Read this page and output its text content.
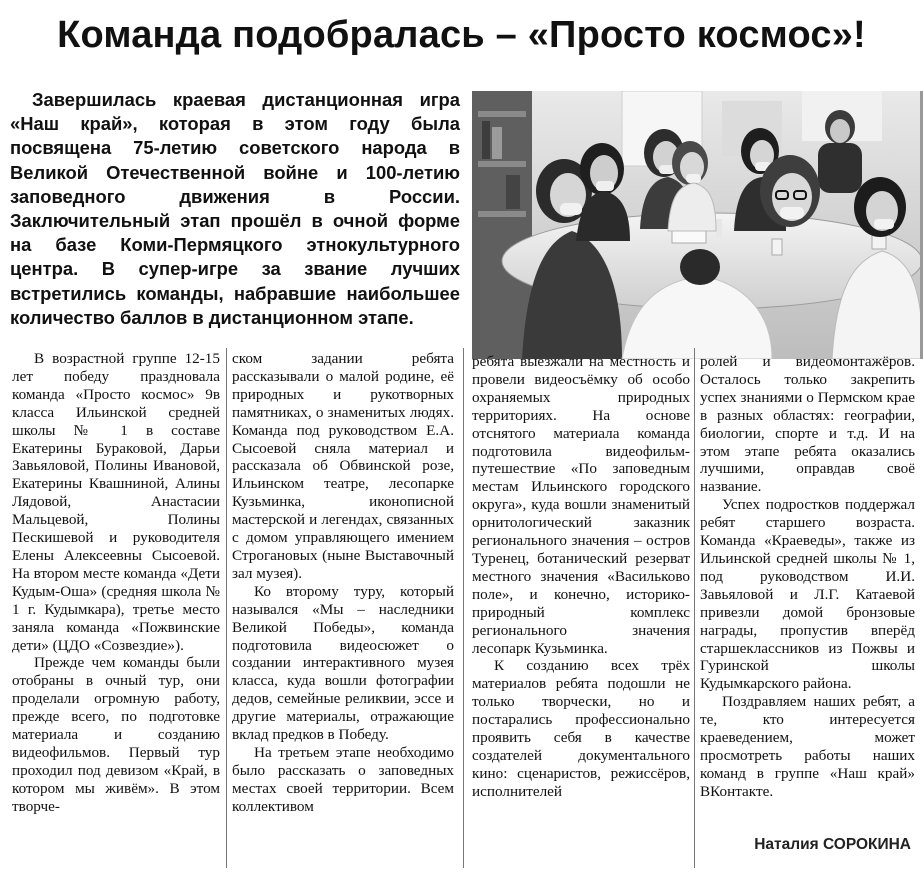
Команда подобралась – «Просто космос»!

Завершилась краевая дистанционная игра «Наш край», которая в этом году была посвящена 75-летию советского народа в Великой Отечественной войне и 100-летию заповедного движения в России. Заключительный этап прошёл в очной форме на базе Коми-Пермяцкого этнокультурного центра. В супер-игре за звание лучших встретились команды, набравшие наибольшее количество баллов в дистанционном этапе.

В возрастной группе 12-15 лет победу праздновала команда «Просто космос» 9в класса Ильинской средней школы № 1 в составе Екатерины Бураковой, Дарьи Завьяловой, Полины Ивановой, Екатерины Квашниной, Алины Лядовой, Анастасии Мальцевой, Полины Пескишевой и руководителя Елены Алексеевны Сысоевой. На втором месте команда «Дети Кудым-Оша» (средняя школа № 1 г. Кудымкара), третье место заняла команда «Пожвинские дети» (ЦДО «Созвездие»).

Прежде чем команды были отобраны в очный тур, они проделали огромную работу, прежде всего, по подготовке материала и созданию видеофильмов. Первый тур проходил под девизом «Край, в котором мы живём». В этом творче-

ском задании ребята рассказывали о малой родине, её природных и рукотворных памятниках, о знаменитых людях. Команда под руководством Е.А. Сысоевой сняла материал и рассказала об Обвинской розе, Ильинском театре, лесопарке Кузьминка, иконописной мастерской и легендах, связанных с домом управляющего имением Строгановых (ныне Выставочный зал музея).

Ко второму туру, который назывался «Мы – наследники Великой Победы», команда подготовила видеосюжет о создании интерактивного музея класса, куда вошли фотографии дедов, семейные реликвии, эссе и другие материалы, отражающие вклад предков в Победу.

На третьем этапе необходимо было рассказать о заповедных местах своей территории. Всем коллективом

ребята выезжали на местность и провели видеосъёмку об особо охраняемых природных территориях. На основе отснятого материала команда подготовила видеофильм-путешествие «По заповедным местам Ильинского городского округа», куда вошли знаменитый орнитологический заказник регионального значения – остров Туренец, ботанический резерват местного значения «Васильково поле», и конечно, историко-природный комплекс регионального значения лесопарк Кузьминка.

К созданию всех трёх материалов ребята подошли не только творчески, но и постарались профессионально проявить себя в качестве создателей документального кино: сценаристов, режиссёров, исполнителей

ролей и видеомонтажёров. Осталось только закрепить успех знаниями о Пермском крае в разных областях: географии, биологии, спорте и т.д. И на этом этапе ребята оказались лучшими, оправдав своё название.

Успех подростков поддержал ребят старшего возраста. Команда «Краеведы», также из Ильинской средней школы № 1, под руководством И.И. Завьяловой и Л.Г. Катаевой привезли домой бронзовые награды, пропустив вперёд старшеклассников из Пожвы и Гуринской школы Кудымкарского района.

Поздравляем наших ребят, а те, кто интересуется краеведением, может просмотреть работы наших команд в группе «Наш край» ВКонтакте.

Наталия СОРОКИНА
